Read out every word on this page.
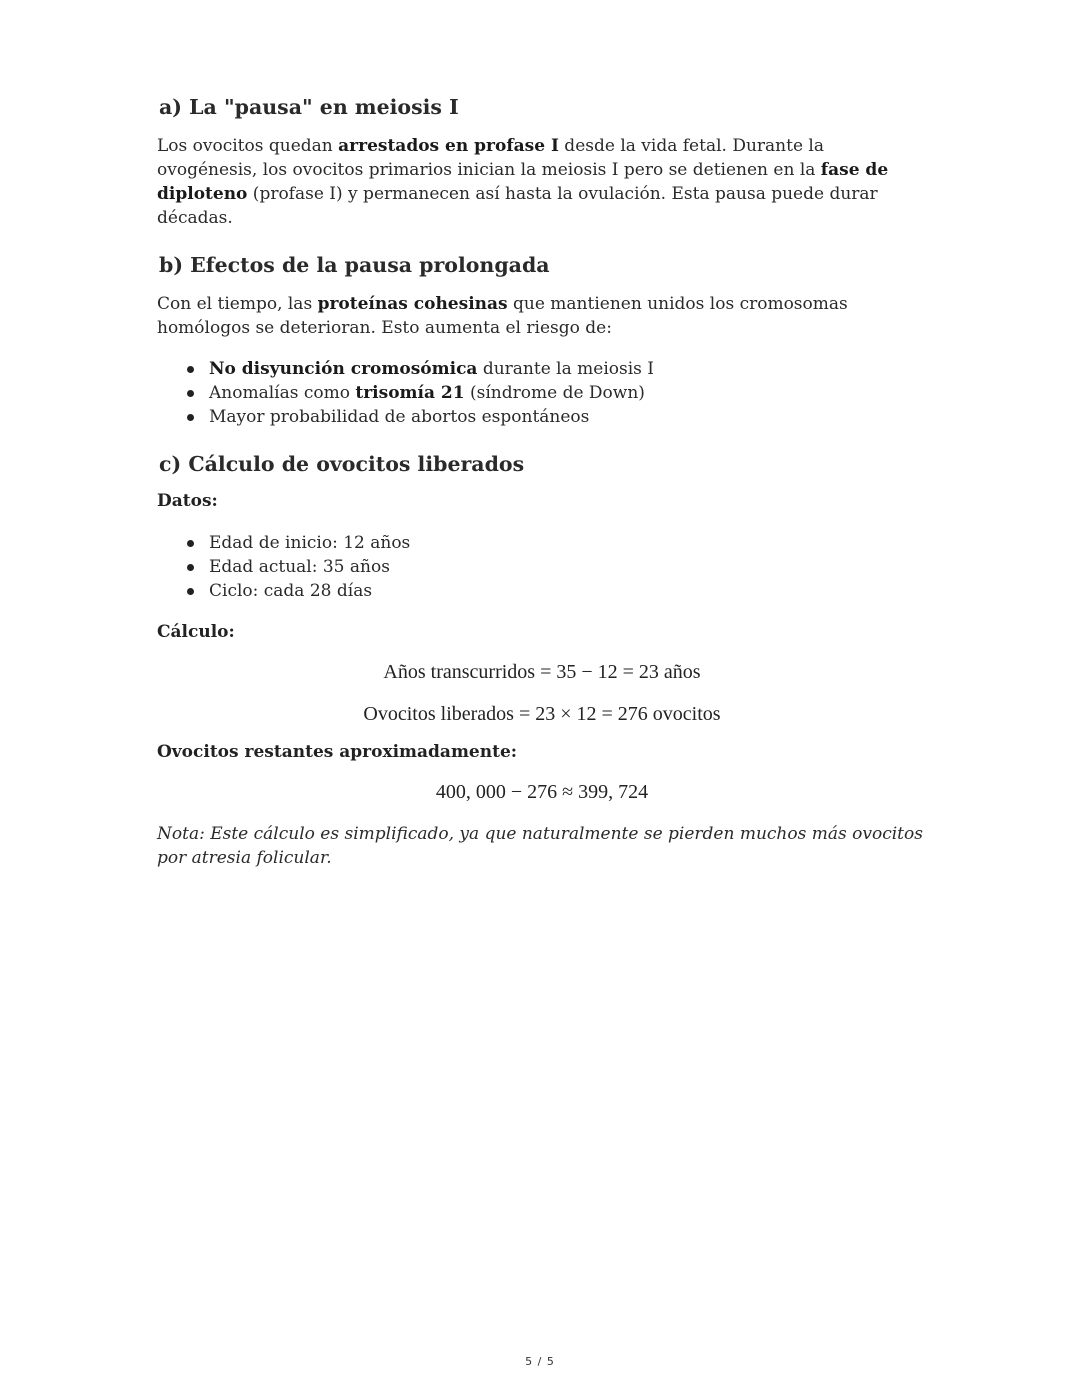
a) La "pausa" en meiosis I

Los ovocitos quedan arrestados en profase I desde la vida fetal. Durante la ovogénesis, los ovocitos primarios inician la meiosis I pero se detienen en la fase de diploteno (profase I) y permanecen así hasta la ovulación. Esta pausa puede durar décadas.

b) Efectos de la pausa prolongada

Con el tiempo, las proteínas cohesinas que mantienen unidos los cromosomas homólogos se deterioran. Esto aumenta el riesgo de:

No disyunción cromosómica durante la meiosis I
Anomalías como trisomía 21 (síndrome de Down)
Mayor probabilidad de abortos espontáneos
c) Cálculo de ovocitos liberados

Datos:

Edad de inicio: 12 años
Edad actual: 35 años
Ciclo: cada 28 días

Cálculo:

Años transcurridos = 35 − 12 = 23 años
Ovocitos liberados = 23 × 12 = 276 ovocitos

Ovocitos restantes aproximadamente:

400, 000 − 276 ≈ 399, 724

Nota: Este cálculo es simplificado, ya que naturalmente se pierden muchos más ovocitos por atresia folicular.

5 / 5
